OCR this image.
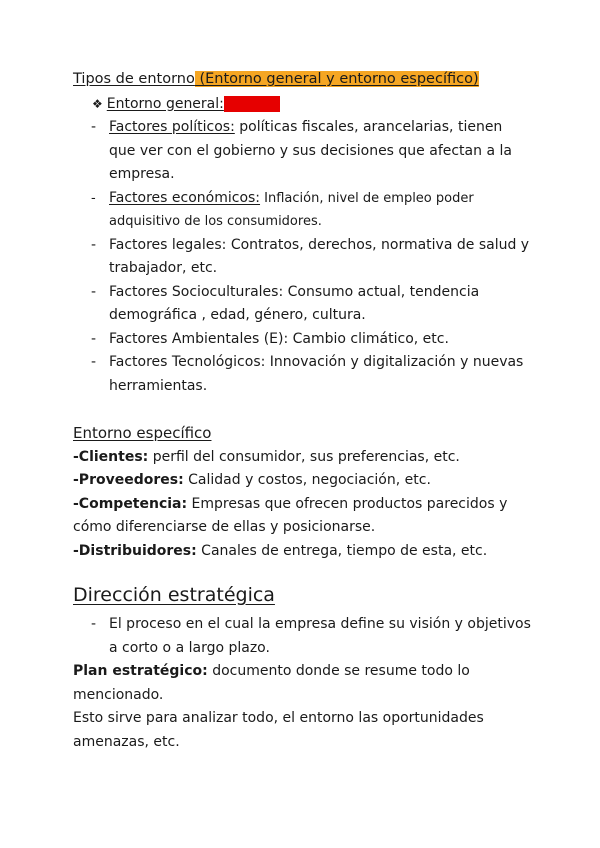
Tipos de entorno (Entorno general y entorno específico)

❖ Entorno general: PESTEL

- Factores políticos: políticas fiscales, arancelarias, tienen que ver con el gobierno y sus decisiones que afectan a la empresa.
- Factores económicos: Inflación, nivel de empleo poder adquisitivo de los consumidores.
- Factores legales: Contratos, derechos, normativa de salud y trabajador, etc.
- Factores Socioculturales: Consumo actual, tendencia demográfica , edad, género, cultura.
- Factores Ambientales (E): Cambio climático, etc.
- Factores Tecnológicos: Innovación y digitalización y nuevas herramientas.

Entorno específico

-Clientes: perfil del consumidor, sus preferencias, etc.

-Proveedores: Calidad y costos, negociación, etc.

-Competencia: Empresas que ofrecen productos parecidos y cómo diferenciarse de ellas y posicionarse.

-Distribuidores: Canales de entrega, tiempo de esta, etc.

Dirección estratégica

- El proceso en el cual la empresa define su visión y objetivos a corto o a largo plazo.

Plan estratégico: documento donde se resume todo lo mencionado.

Esto sirve para analizar todo, el entorno las oportunidades amenazas, etc.
